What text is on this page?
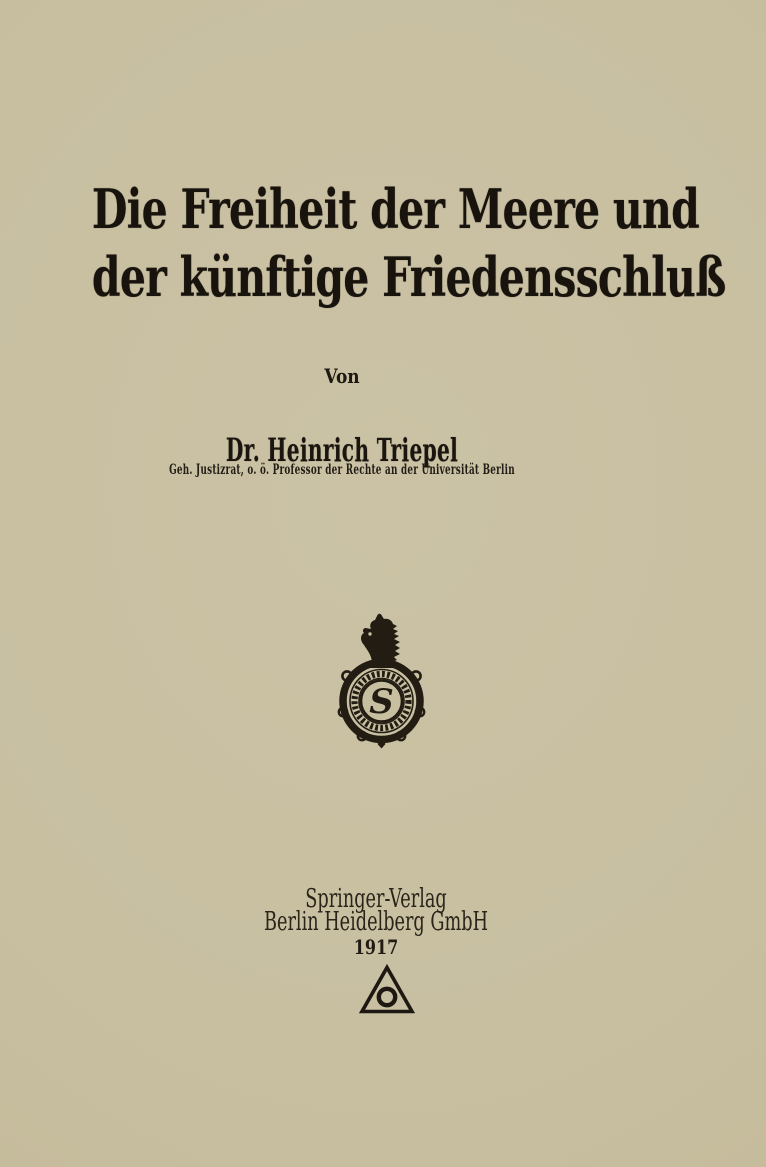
Die Freiheit der Meere und
der künftige Friedensschluß
Von
Dr. Heinrich Triepel
Geh. Justizrat, o. ö. Professor der Rechte an der Universität Berlin
S
Springer-Verlag
Berlin Heidelberg GmbH
1917
